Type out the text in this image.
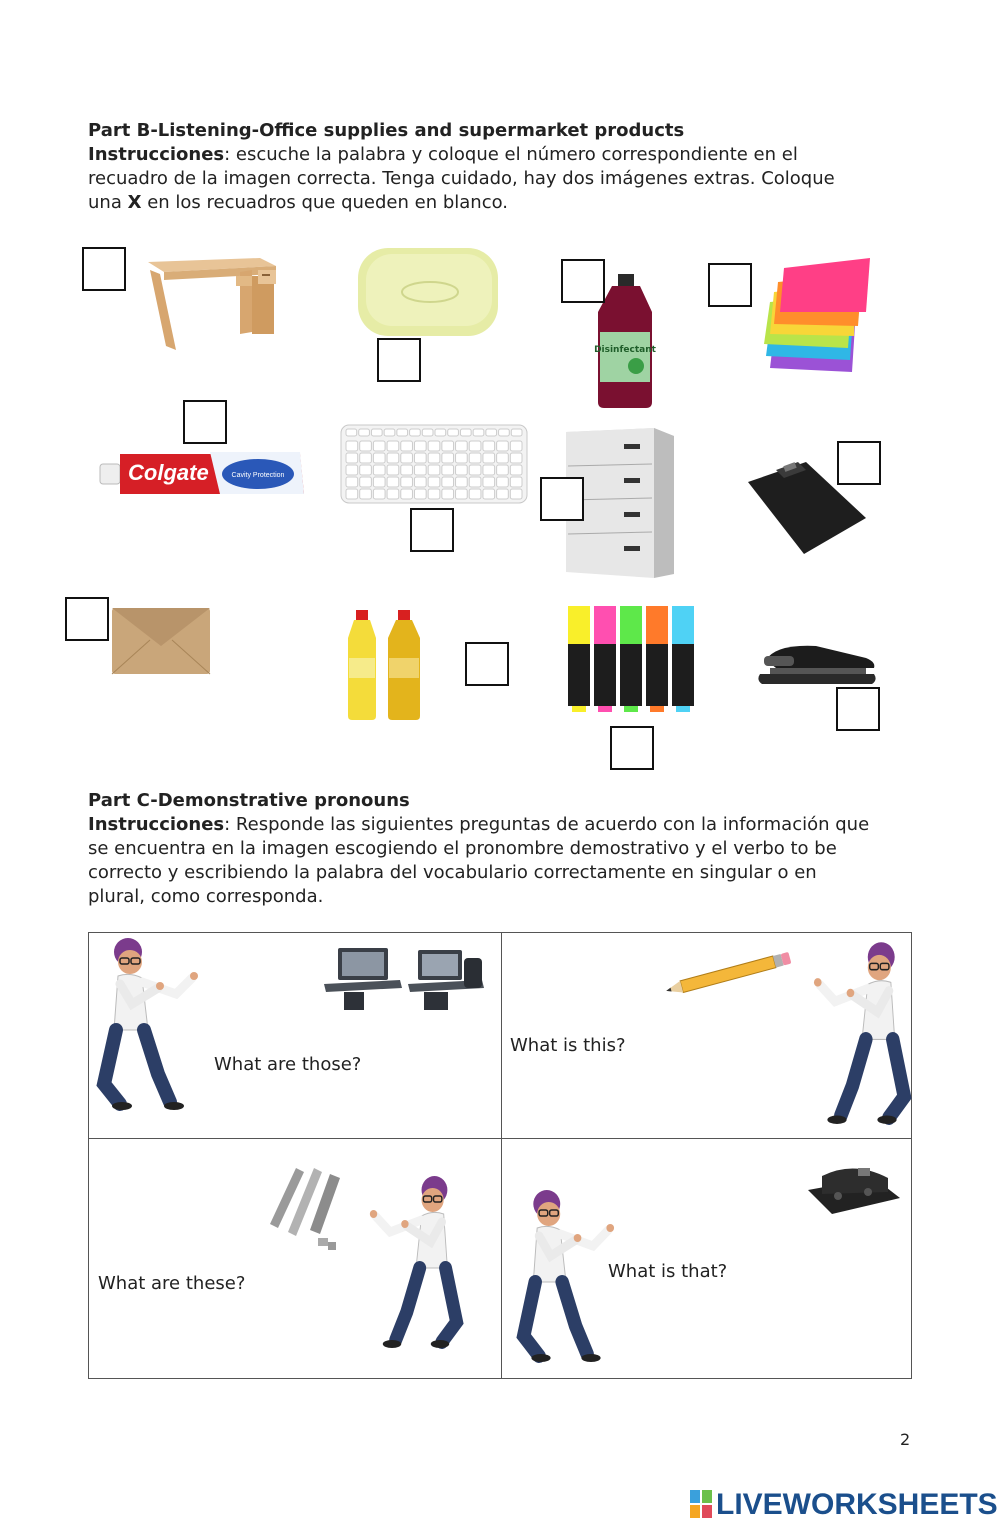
Part B-Listening-Office supplies and supermarket products
Instrucciones: escuche la palabra y coloque el número correspondiente en el
recuadro de la imagen correcta. Tenga cuidado, hay dos imágenes extras. Coloque
una X en los recuadros que queden en blanco.
Disinfectant
Colgate	Cavity Protection
Part C-Demonstrative pronouns
Instrucciones: Responde las siguientes preguntas de acuerdo con la información que
se encuentra en la imagen escogiendo el pronombre demostrativo y el verbo to be
correcto y escribiendo la palabra del vocabulario correctamente en singular o en
plural, como corresponda.
What are those?
What is this?
What are these?
What is that?
2
LIVEWORKSHEETS
